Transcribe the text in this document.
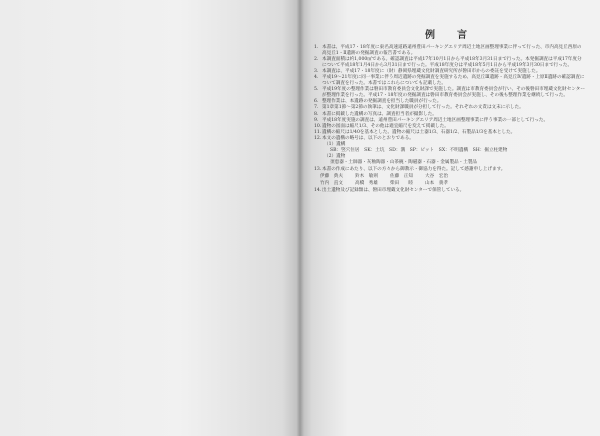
例　言
1. 本書は、平成17・18年度に東名高速道路遠州豊田パーキングエリア周辺土地区画整理事業に伴って行った、市内高見丘西原の高見丘1・Ⅱ遺跡の発掘調査の報告書である。

2. 本調査面積は約1,000㎡である。確認調査は平成17年10月1日から平成18年3月31日まで行った。本発掘調査は平成17年度分について平成18年1月4日から3月31日まで行った。平成18年度分は平成18年5月1日から平成19年3月30日まで行った。

3. 本調査は、平成17・18年度に（財）静岡県埋蔵文化財調査研究所が磐田市からの委託を受けて実施した。

4. 平成19～21年度に同一事業に伴う周辺遺跡の発掘調査を実施するため、高見丘Ⅲ遺跡・高見丘Ⅳ遺跡・上原Ⅱ遺跡の確認調査について調査を行った。本書ではこれらについても記載した。

5. 平成19年度の整理作業は磐田市教育委員会文化財課で実施した。調査は市教育委員会が行い、その後磐田市埋蔵文化財センターが整理作業を行った。平成17・18年度の発掘調査は磐田市教育委員会が実施し、その後も整理作業を継続して行った。

6. 整理作業は、本遺跡の発掘調査を担当した職員が行った。

7. 第1章第1節～第2節の執筆は、文化財課職員が分担して行った。それぞれの文責は文末に示した。

8. 本書に掲載した遺構の写真は、調査担当者が撮影した。

9. 平成18年度実施の調査は、遠州豊田パーキングエリア周辺土地区画整理事業に伴う事業の一部として行った。

10. 遺物の図面は縮尺1/3、その他は適宜縮尺を変えて掲載した。

11. 遺構の縮尺は1/40を基本とした。遺物の縮尺は土器1/3、石器1/2、石製品1/3を基本とした。

12. 本文の遺構の略号は、以下のとおりである。

（1）遺構

SB：竪穴住居　SK：土坑　SD：溝　SP：ピット　SX：不明遺構　SH：掘立柱建物

（2）遺物

須恵器・土師器・灰釉陶器・山茶碗・陶磁器・石器・金属製品・土製品

13. 本書の作成にあたり、以下の方々から御教示・御協力を得た。記して感謝申し上げます。

伊藤　典夫	鈴木　敏則	佐藤　正知	大谷　宏治
竹内　直文	高橋　秀雄	柴田　　睦	山本　義孝
14. 出土遺物及び記録類は、磐田市埋蔵文化財センターで保管している。
